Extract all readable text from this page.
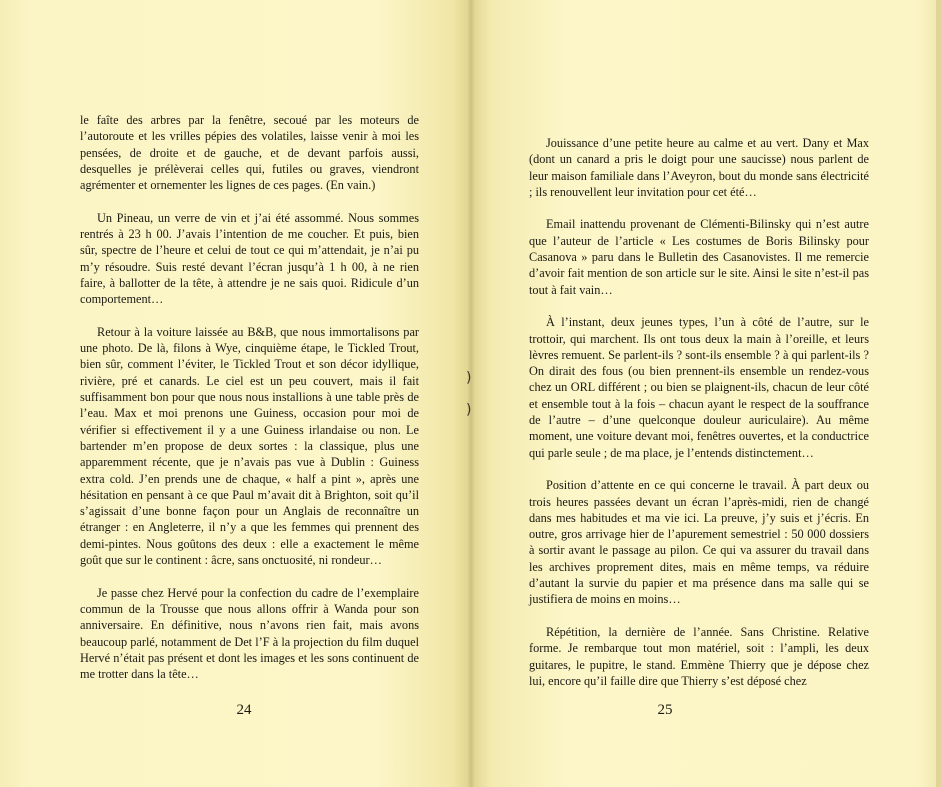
le faîte des arbres par la fenêtre, secoué par les moteurs de l’autoroute et les vrilles pépies des volatiles, laisse venir à moi les pensées, de droite et de gauche, et de devant parfois aussi, desquelles je prélèverai celles qui, futiles ou graves, viendront agrémenter et ornementer les lignes de ces pages. (En vain.)

Un Pineau, un verre de vin et j’ai été assommé. Nous sommes rentrés à 23 h 00. J’avais l’intention de me coucher. Et puis, bien sûr, spectre de l’heure et celui de tout ce qui m’attendait, je n’ai pu m’y résoudre. Suis resté devant l’écran jusqu’à 1 h 00, à ne rien faire, à ballotter de la tête, à attendre je ne sais quoi. Ridicule d’un comportement…

Retour à la voiture laissée au B&B, que nous immortalisons par une photo. De là, filons à Wye, cinquième étape, le Tickled Trout, bien sûr, comment l’éviter, le Tickled Trout et son décor idyllique, rivière, pré et canards. Le ciel est un peu couvert, mais il fait suffisamment bon pour que nous nous installions à une table près de l’eau. Max et moi prenons une Guiness, occasion pour moi de vérifier si effectivement il y a une Guiness irlandaise ou non. Le bartender m’en propose de deux sortes : la classique, plus une apparemment récente, que je n’avais pas vue à Dublin : Guiness extra cold. J’en prends une de chaque, « half a pint », après une hésitation en pensant à ce que Paul m’avait dit à Brighton, soit qu’il s’agissait d’une bonne façon pour un Anglais de reconnaître un étranger : en Angleterre, il n’y a que les femmes qui prennent des demi-pintes. Nous goûtons des deux : elle a exactement le même goût que sur le continent : âcre, sans onctuosité, ni rondeur…

Je passe chez Hervé pour la confection du cadre de l’exemplaire commun de la Trousse que nous allons offrir à Wanda pour son anniversaire. En définitive, nous n’avons rien fait, mais avons beaucoup parlé, notamment de Det l’F à la projection du film duquel Hervé n’était pas présent et dont les images et les sons continuent de me trotter dans la tête…

24

Jouissance d’une petite heure au calme et au vert. Dany et Max (dont un canard a pris le doigt pour une saucisse) nous parlent de leur maison familiale dans l’Aveyron, bout du monde sans électricité ; ils renouvellent leur invitation pour cet été…

Email inattendu provenant de Clémenti-Bilinsky qui n’est autre que l’auteur de l’article « Les costumes de Boris Bilinsky pour Casanova » paru dans le Bulletin des Casanovistes. Il me remercie d’avoir fait mention de son article sur le site. Ainsi le site n’est-il pas tout à fait vain…

À l’instant, deux jeunes types, l’un à côté de l’autre, sur le trottoir, qui marchent. Ils ont tous deux la main à l’oreille, et leurs lèvres remuent. Se parlent-ils ? sont-ils ensemble ? à qui parlent-ils ? On dirait des fous (ou bien prennent-ils ensemble un rendez-vous chez un ORL différent ; ou bien se plaignent-ils, chacun de leur côté et ensemble tout à la fois – chacun ayant le respect de la souffrance de l’autre – d’une quelconque douleur auriculaire). Au même moment, une voiture devant moi, fenêtres ouvertes, et la conductrice qui parle seule ; de ma place, je l’entends distinctement…

Position d’attente en ce qui concerne le travail. À part deux ou trois heures passées devant un écran l’après-midi, rien de changé dans mes habitudes et ma vie ici. La preuve, j’y suis et j’écris. En outre, gros arrivage hier de l’apurement semestriel : 50 000 dossiers à sortir avant le passage au pilon. Ce qui va assurer du travail dans les archives proprement dites, mais en même temps, va réduire d’autant la survie du papier et ma présence dans ma salle qui se justifiera de moins en moins…

Répétition, la dernière de l’année. Sans Christine. Relative forme. Je rembarque tout mon matériel, soit : l’ampli, les deux guitares, le pupitre, le stand. Emmène Thierry que je dépose chez lui, encore qu’il faille dire que Thierry s’est déposé chez

25
)
)
